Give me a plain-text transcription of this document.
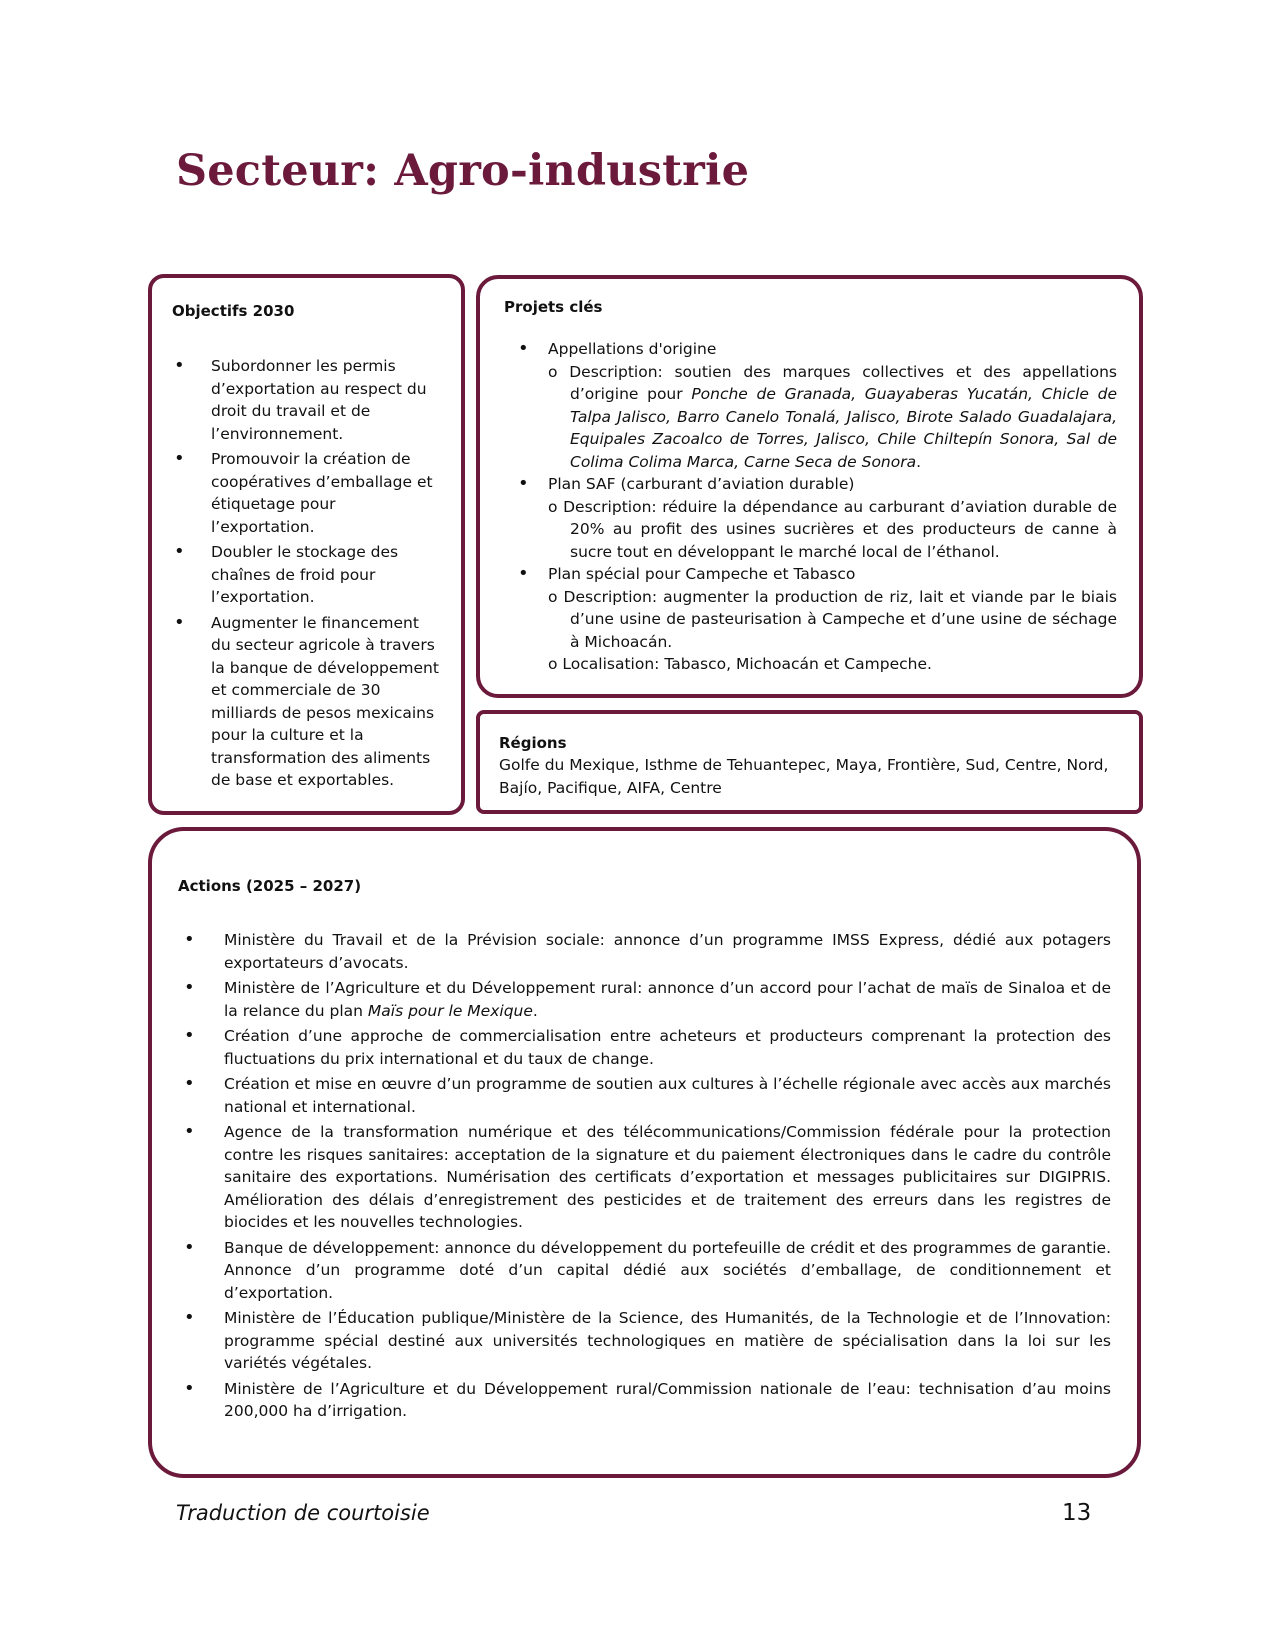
Secteur: Agro-industrie
Objectifs 2030
• Subordonner les permis d’exportation au respect du droit du travail et de l’environnement.
• Promouvoir la création de coopératives d’emballage et étiquetage pour l’exportation.
• Doubler le stockage des chaînes de froid pour l’exportation.
• Augmenter le financement du secteur agricole à travers la banque de développement et commerciale de 30 milliards de pesos mexicains pour la culture et la transformation des aliments de base et exportables.
Projets clés
• Appellations d'origine
o Description: soutien des marques collectives et des appellations d’origine pour Ponche de Granada, Guayaberas Yucatán, Chicle de Talpa Jalisco, Barro Canelo Tonalá, Jalisco, Birote Salado Guadalajara, Equipales Zacoalco de Torres, Jalisco, Chile Chiltepín Sonora, Sal de Colima Colima Marca, Carne Seca de Sonora.
• Plan SAF (carburant d’aviation durable)
o Description: réduire la dépendance au carburant d’aviation durable de 20% au profit des usines sucrières et des producteurs de canne à sucre tout en développant le marché local de l’éthanol.
• Plan spécial pour Campeche et Tabasco
o Description: augmenter la production de riz, lait et viande par le biais d’une usine de pasteurisation à Campeche et d’une usine de séchage à Michoacán.
o Localisation: Tabasco, Michoacán et Campeche.
Régions

Golfe du Mexique, Isthme de Tehuantepec, Maya, Frontière, Sud, Centre, Nord, Bajío, Pacifique, AIFA, Centre

Actions (2025 – 2027)
• Ministère du Travail et de la Prévision sociale: annonce d’un programme IMSS Express, dédié aux potagers exportateurs d’avocats.
• Ministère de l’Agriculture et du Développement rural: annonce d’un accord pour l’achat de maïs de Sinaloa et de la relance du plan Maïs pour le Mexique.
• Création d’une approche de commercialisation entre acheteurs et producteurs comprenant la protection des fluctuations du prix international et du taux de change.
• Création et mise en œuvre d’un programme de soutien aux cultures à l’échelle régionale avec accès aux marchés national et international.
• Agence de la transformation numérique et des télécommunications/Commission fédérale pour la protection contre les risques sanitaires: acceptation de la signature et du paiement électroniques dans le cadre du contrôle sanitaire des exportations. Numérisation des certificats d’exportation et messages publicitaires sur DIGIPRIS. Amélioration des délais d’enregistrement des pesticides et de traitement des erreurs dans les registres de biocides et les nouvelles technologies.
• Banque de développement: annonce du développement du portefeuille de crédit et des programmes de garantie. Annonce d’un programme doté d’un capital dédié aux sociétés d’emballage, de conditionnement et d’exportation.
• Ministère de l’Éducation publique/Ministère de la Science, des Humanités, de la Technologie et de l’Innovation: programme spécial destiné aux universités technologiques en matière de spécialisation dans la loi sur les variétés végétales.
• Ministère de l’Agriculture et du Développement rural/Commission nationale de l’eau: technisation d’au moins 200,000 ha d’irrigation.
Traduction de courtoisie	13
